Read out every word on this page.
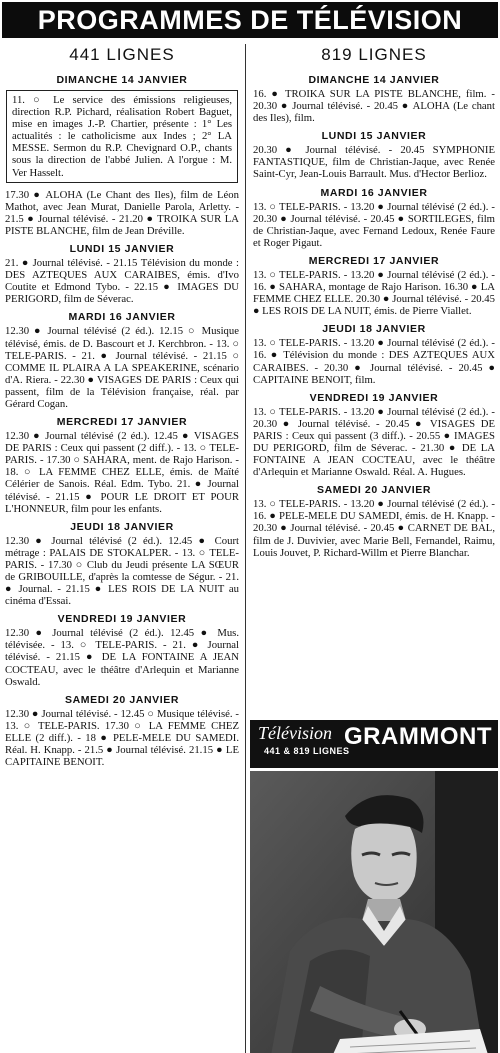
PROGRAMMES DE TÉLÉVISION
441 LIGNES
DIMANCHE 14 JANVIER
11. ○ Le service des émissions religieuses, direction R.P. Pichard, réalisation Robert Baguet, mise en images J.-P. Chartier, présente : 1° Les actualités : le catholicisme aux Indes ; 2° LA MESSE. Sermon du R.P. Chevignard O.P., chants sous la direction de l'abbé Julien. A l'orgue : M. Ver Hasselt.
17.30 ● ALOHA (Le Chant des Iles), film de Léon Mathot, avec Jean Murat, Danielle Parola, Arletty. - 21.5 ● Journal télévisé. - 21.20 ● TROIKA SUR LA PISTE BLANCHE, film de Jean Dréville.
LUNDI 15 JANVIER
21. ● Journal télévisé. - 21.15 Télévision du monde : DES AZTEQUES AUX CARAIBES, émis. d'Ivo Coutite et Edmond Tybo. - 22.15 ● IMAGES DU PERIGORD, film de Séverac.
MARDI 16 JANVIER
12.30 ● Journal télévisé (2 éd.). 12.15 ○ Musique télévisé, émis. de D. Bascourt et J. Kerchbron. - 13. ○ TELE-PARIS. - 21. ● Journal télévisé. - 21.15 ○ COMME IL PLAIRA A LA SPEAKERINE, scénario d'A. Riera. - 22.30 ● VISAGES DE PARIS : Ceux qui passent, film de la Télévision française, réal. par Gérard Cogan.
MERCREDI 17 JANVIER
12.30 ● Journal télévisé (2 éd.). 12.45 ● VISAGES DE PARIS : Ceux qui passent (2 diff.). - 13. ○ TELE-PARIS. - 17.30 ○ SAHARA, ment. de Rajo Harison. - 18. ○ LA FEMME CHEZ ELLE, émis. de Maïté Célérier de Sanois. Réal. Edm. Tybo. 21. ● Journal télévisé. - 21.15 ● POUR LE DROIT ET POUR L'HONNEUR, film pour les enfants.
JEUDI 18 JANVIER
12.30 ● Journal télévisé (2 éd.). 12.45 ● Court métrage : PALAIS DE STOKALPER. - 13. ○ TELE-PARIS. - 17.30 ○ Club du Jeudi présente LA SŒUR de GRIBOUILLE, d'après la comtesse de Ségur. - 21. ● Journal. - 21.15 ● LES ROIS DE LA NUIT au cinéma d'Essai.
VENDREDI 19 JANVIER
12.30 ● Journal télévisé (2 éd.). 12.45 ● Mus. télévisée. - 13. ○ TELE-PARIS. - 21. ● Journal télévisé. - 21.15 ● DE LA FONTAINE A JEAN COCTEAU, avec le théâtre d'Arlequin et Marianne Oswald.
SAMEDI 20 JANVIER
12.30 ● Journal télévisé. - 12.45 ○ Musique télévisé. - 13. ○ TELE-PARIS. 17.30 ○ LA FEMME CHEZ ELLE (2 diff.). - 18 ● PELE-MELE DU SAMEDI. Réal. H. Knapp. - 21.5 ● Journal télévisé. 21.15 ● LE CAPITAINE BENOIT.
819 LIGNES
DIMANCHE 14 JANVIER
16. ● TROIKA SUR LA PISTE BLANCHE, film. - 20.30 ● Journal télévisé. - 20.45 ● ALOHA (Le chant des Iles), film.
LUNDI 15 JANVIER
20.30 ● Journal télévisé. - 20.45 SYMPHONIE FANTASTIQUE, film de Christian-Jaque, avec Renée Saint-Cyr, Jean-Louis Barrault. Mus. d'Hector Berlioz.
MARDI 16 JANVIER
13. ○ TELE-PARIS. - 13.20 ● Journal télévisé (2 éd.). - 20.30 ● Journal télévisé. - 20.45 ● SORTILEGES, film de Christian-Jaque, avec Fernand Ledoux, Renée Faure et Roger Pigaut.
MERCREDI 17 JANVIER
13. ○ TELE-PARIS. - 13.20 ● Journal télévisé (2 éd.). - 16. ● SAHARA, montage de Rajo Harison. 16.30 ● LA FEMME CHEZ ELLE. 20.30 ● Journal télévisé. - 20.45 ● LES ROIS DE LA NUIT, émis. de Pierre Viallet.
JEUDI 18 JANVIER
13. ○ TELE-PARIS. - 13.20 ● Journal télévisé (2 éd.). - 16. ● Télévision du monde : DES AZTEQUES AUX CARAIBES. - 20.30 ● Journal télévisé. - 20.45 ● CAPITAINE BENOIT, film.
VENDREDI 19 JANVIER
13. ○ TELE-PARIS. - 13.20 ● Journal télévisé (2 éd.). - 20.30 ● Journal télévisé. - 20.45 ● VISAGES DE PARIS : Ceux qui passent (3 diff.). - 20.55 ● IMAGES DU PERIGORD, film de Séverac. - 21.30 ● DE LA FONTAINE A JEAN COCTEAU, avec le théâtre d'Arlequin et Marianne Oswald. Réal. A. Hugues.
SAMEDI 20 JANVIER
13. ○ TELE-PARIS. - 13.20 ● Journal télévisé (2 éd.). - 16. ● PELE-MELE DU SAMEDI, émis. de H. Knapp. - 20.30 ● Journal télévisé. - 20.45 ● CARNET DE BAL, film de J. Duvivier, avec Marie Bell, Fernandel, Raimu, Louis Jouvet, P. Richard-Willm et Pierre Blanchar.
Télévision GRAMMONT
441 & 819 LIGNES
